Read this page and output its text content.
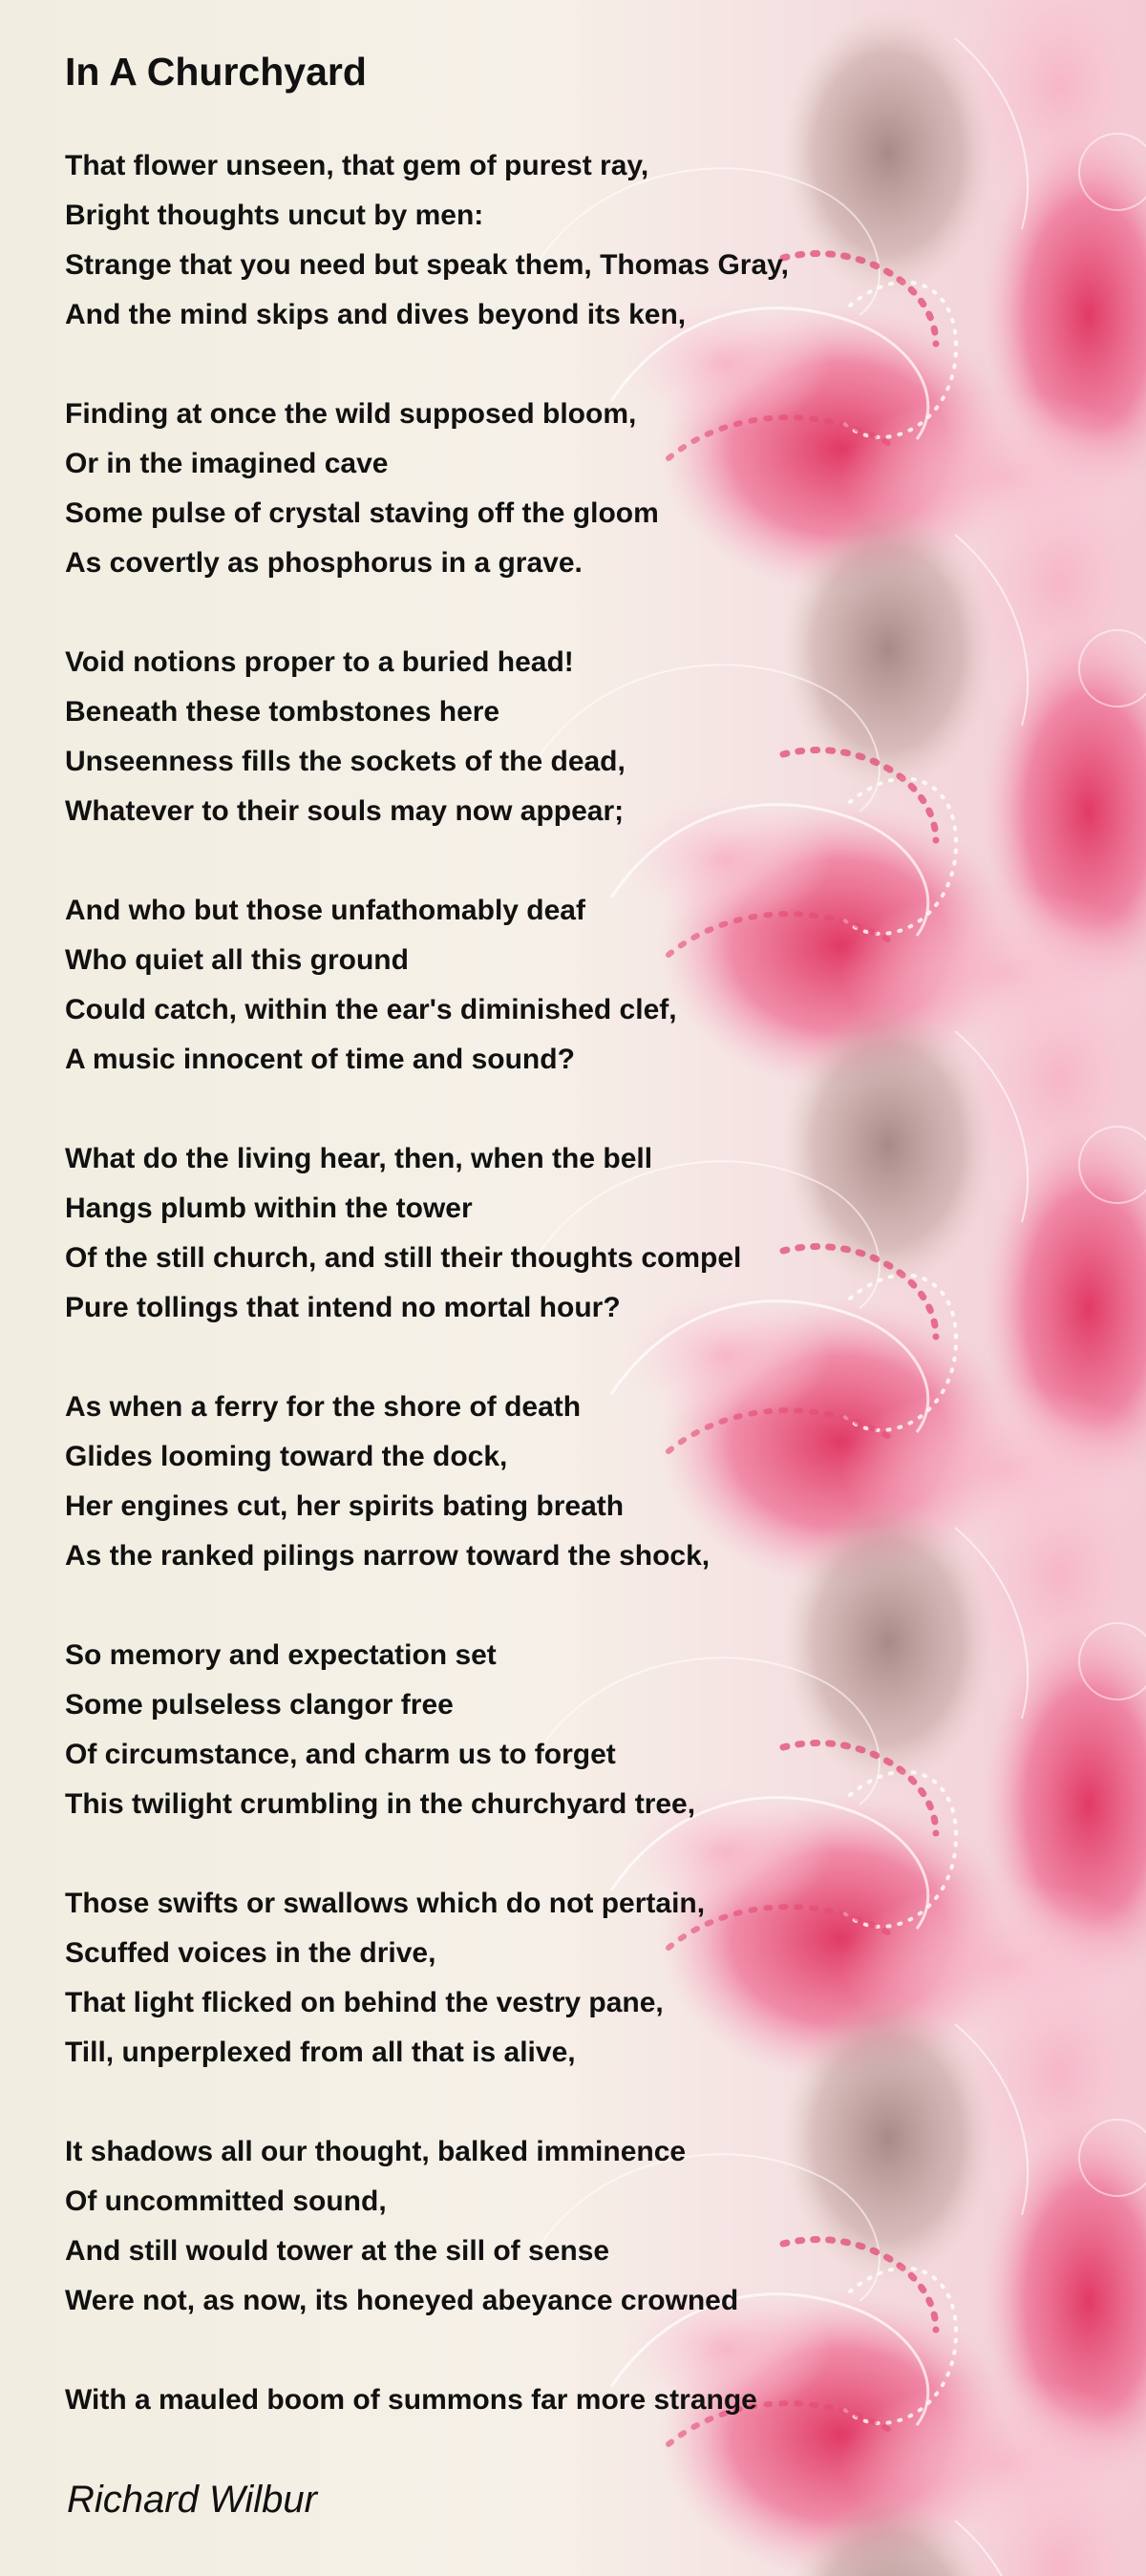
In A Churchyard
That flower unseen, that gem of purest ray,
Bright thoughts uncut by men:
Strange that you need but speak them, Thomas Gray,
And the mind skips and dives beyond its ken,
Finding at once the wild supposed bloom,
Or in the imagined cave
Some pulse of crystal staving off the gloom
As covertly as phosphorus in a grave.
Void notions proper to a buried head!
Beneath these tombstones here
Unseenness fills the sockets of the dead,
Whatever to their souls may now appear;
And who but those unfathomably deaf
Who quiet all this ground
Could catch, within the ear's diminished clef,
A music innocent of time and sound?
What do the living hear, then, when the bell
Hangs plumb within the tower
Of the still church, and still their thoughts compel
Pure tollings that intend no mortal hour?
As when a ferry for the shore of death
Glides looming toward the dock,
Her engines cut, her spirits bating breath
As the ranked pilings narrow toward the shock,
So memory and expectation set
Some pulseless clangor free
Of circumstance, and charm us to forget
This twilight crumbling in the churchyard tree,
Those swifts or swallows which do not pertain,
Scuffed voices in the drive,
That light flicked on behind the vestry pane,
Till, unperplexed from all that is alive,
It shadows all our thought, balked imminence
Of uncommitted sound,
And still would tower at the sill of sense
Were not, as now, its honeyed abeyance crowned
With a mauled boom of summons far more strange

Richard Wilbur
